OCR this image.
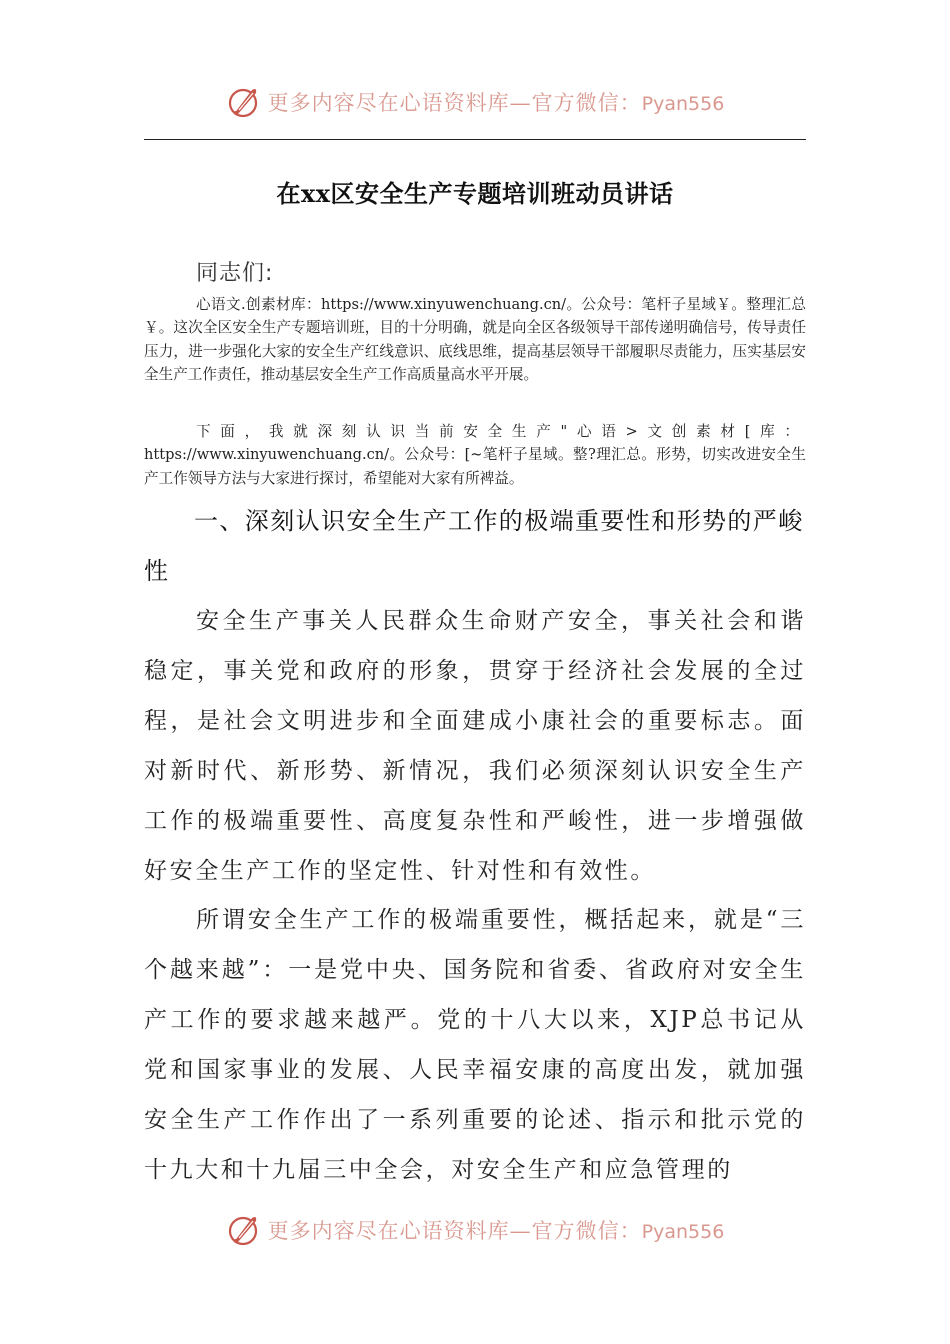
更多内容尽在心语资料库—官方微信：Pyan556
在xx区安全生产专题培训班动员讲话
同志们:

心语文.创素材库：https://www.xinyuwenchuang.cn/。公众号：笔杆子星域￥。整理汇总￥。这次全区安全生产专题培训班，目的十分明确，就是向全区各级领导干部传递明确信号，传导责任压力，进一步强化大家的安全生产红线意识、底线思维，提高基层领导干部履职尽责能力，压实基层安全生产工作责任，推动基层安全生产工作高质量高水平开展。

下面，我就深刻认识当前安全生产"心语>文创素材[库： https://www.xinyuwenchuang.cn/。公众号：[~笔杆子星域。整?理汇总。形势，切实改进安全生产工作领导方法与大家进行探讨，希望能对大家有所裨益。

一、深刻认识安全生产工作的极端重要性和形势的严峻性

安全生产事关人民群众生命财产安全，事关社会和谐稳定，事关党和政府的形象，贯穿于经济社会发展的全过程，是社会文明进步和全面建成小康社会的重要标志。面对新时代、新形势、新情况，我们必须深刻认识安全生产工作的极端重要性、高度复杂性和严峻性，进一步增强做好安全生产工作的坚定性、针对性和有效性。

所谓安全生产工作的极端重要性，概括起来，就是“三个越来越”：一是党中央、国务院和省委、省政府对安全生产工作的要求越来越严。党的十八大以来，XJP总书记从党和国家事业的发展、人民幸福安康的高度出发，就加强安全生产工作作出了一系列重要的论述、指示和批示党的十九大和十九届三中全会，对安全生产和应急管理的

更多内容尽在心语资料库—官方微信：Pyan556
